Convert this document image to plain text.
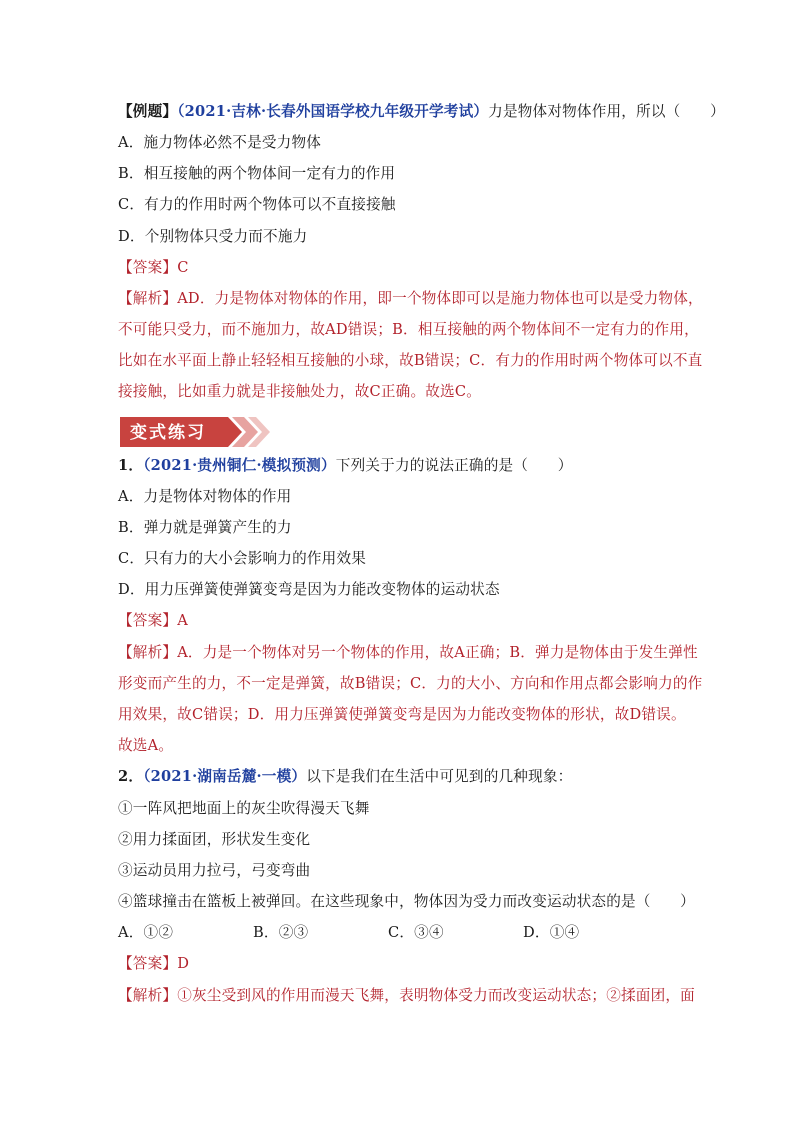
【例题】（2021·吉林·长春外国语学校九年级开学考试）力是物体对物体作用，所以（　　）
A．施力物体必然不是受力物体
B．相互接触的两个物体间一定有力的作用
C．有力的作用时两个物体可以不直接接触
D．个别物体只受力而不施力
【答案】C
【解析】AD．力是物体对物体的作用，即一个物体即可以是施力物体也可以是受力物体，
不可能只受力，而不施加力，故AD错误；B．相互接触的两个物体间不一定有力的作用，
比如在水平面上静止轻轻相互接触的小球，故B错误；C．有力的作用时两个物体可以不直
接接触，比如重力就是非接触处力，故C正确。故选C。
变式练习
1．（2021·贵州铜仁·模拟预测）下列关于力的说法正确的是（　　）
A．力是物体对物体的作用
B．弹力就是弹簧产生的力
C．只有力的大小会影响力的作用效果
D．用力压弹簧使弹簧变弯是因为力能改变物体的运动状态
【答案】A
【解析】A．力是一个物体对另一个物体的作用，故A正确；B．弹力是物体由于发生弹性
形变而产生的力，不一定是弹簧，故B错误；C．力的大小、方向和作用点都会影响力的作
用效果，故C错误；D．用力压弹簧使弹簧变弯是因为力能改变物体的形状，故D错误。
故选A。
2．（2021·湖南岳麓·一模）以下是我们在生活中可见到的几种现象：
①一阵风把地面上的灰尘吹得漫天飞舞
②用力揉面团，形状发生变化
③运动员用力拉弓，弓变弯曲
④篮球撞击在篮板上被弹回。在这些现象中，物体因为受力而改变运动状态的是（　　）
A．①②	B．②③	C．③④	D．①④
【答案】D
【解析】①灰尘受到风的作用而漫天飞舞，表明物体受力而改变运动状态；②揉面团，面
